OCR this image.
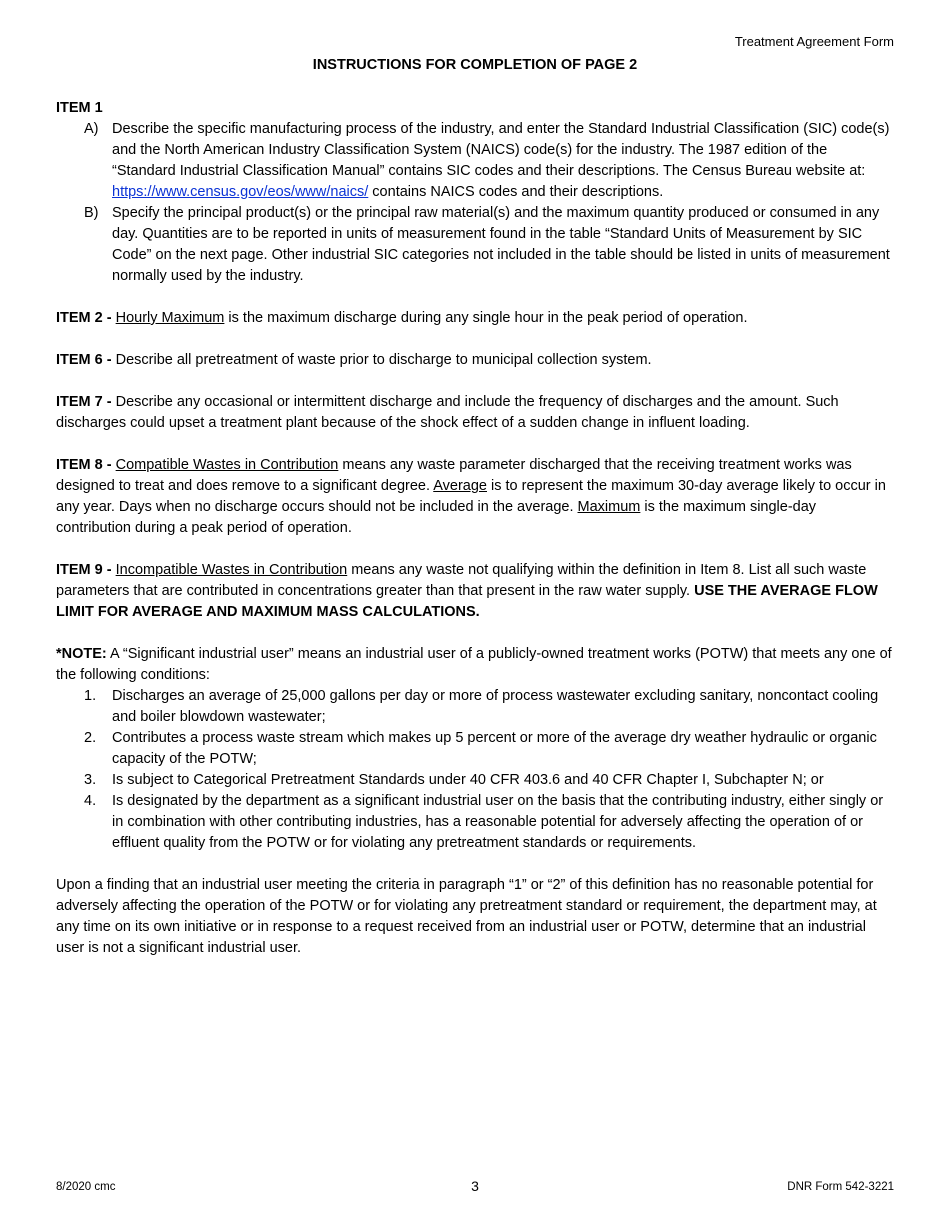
Treatment Agreement Form
INSTRUCTIONS FOR COMPLETION OF PAGE 2

ITEM 1

A) Describe the specific manufacturing process of the industry, and enter the Standard Industrial Classification (SIC) code(s) and the North American Industry Classification System (NAICS) code(s) for the industry. The 1987 edition of the “Standard Industrial Classification Manual” contains SIC codes and their descriptions. The Census Bureau website at: https://www.census.gov/eos/www/naics/ contains NAICS codes and their descriptions.
B) Specify the principal product(s) or the principal raw material(s) and the maximum quantity produced or consumed in any day. Quantities are to be reported in units of measurement found in the table “Standard Units of Measurement by SIC Code” on the next page. Other industrial SIC categories not included in the table should be listed in units of measurement normally used by the industry.

ITEM 2 - Hourly Maximum is the maximum discharge during any single hour in the peak period of operation.

ITEM 6 - Describe all pretreatment of waste prior to discharge to municipal collection system.

ITEM 7 - Describe any occasional or intermittent discharge and include the frequency of discharges and the amount. Such discharges could upset a treatment plant because of the shock effect of a sudden change in influent loading.

ITEM 8 - Compatible Wastes in Contribution means any waste parameter discharged that the receiving treatment works was designed to treat and does remove to a significant degree. Average is to represent the maximum 30-day average likely to occur in any year. Days when no discharge occurs should not be included in the average. Maximum is the maximum single-day contribution during a peak period of operation.

ITEM 9 - Incompatible Wastes in Contribution means any waste not qualifying within the definition in Item 8. List all such waste parameters that are contributed in concentrations greater than that present in the raw water supply. USE THE AVERAGE FLOW LIMIT FOR AVERAGE AND MAXIMUM MASS CALCULATIONS.

*NOTE: A “Significant industrial user” means an industrial user of a publicly-owned treatment works (POTW) that meets any one of the following conditions:

1. Discharges an average of 25,000 gallons per day or more of process wastewater excluding sanitary, noncontact cooling and boiler blowdown wastewater;
2. Contributes a process waste stream which makes up 5 percent or more of the average dry weather hydraulic or organic capacity of the POTW;
3. Is subject to Categorical Pretreatment Standards under 40 CFR 403.6 and 40 CFR Chapter I, Subchapter N; or
4. Is designated by the department as a significant industrial user on the basis that the contributing industry, either singly or in combination with other contributing industries, has a reasonable potential for adversely affecting the operation of or effluent quality from the POTW or for violating any pretreatment standards or requirements.

Upon a finding that an industrial user meeting the criteria in paragraph “1” or “2” of this definition has no reasonable potential for adversely affecting the operation of the POTW or for violating any pretreatment standard or requirement, the department may, at any time on its own initiative or in response to a request received from an industrial user or POTW, determine that an industrial user is not a significant industrial user.

8/2020 cmc	3	DNR Form 542-3221
